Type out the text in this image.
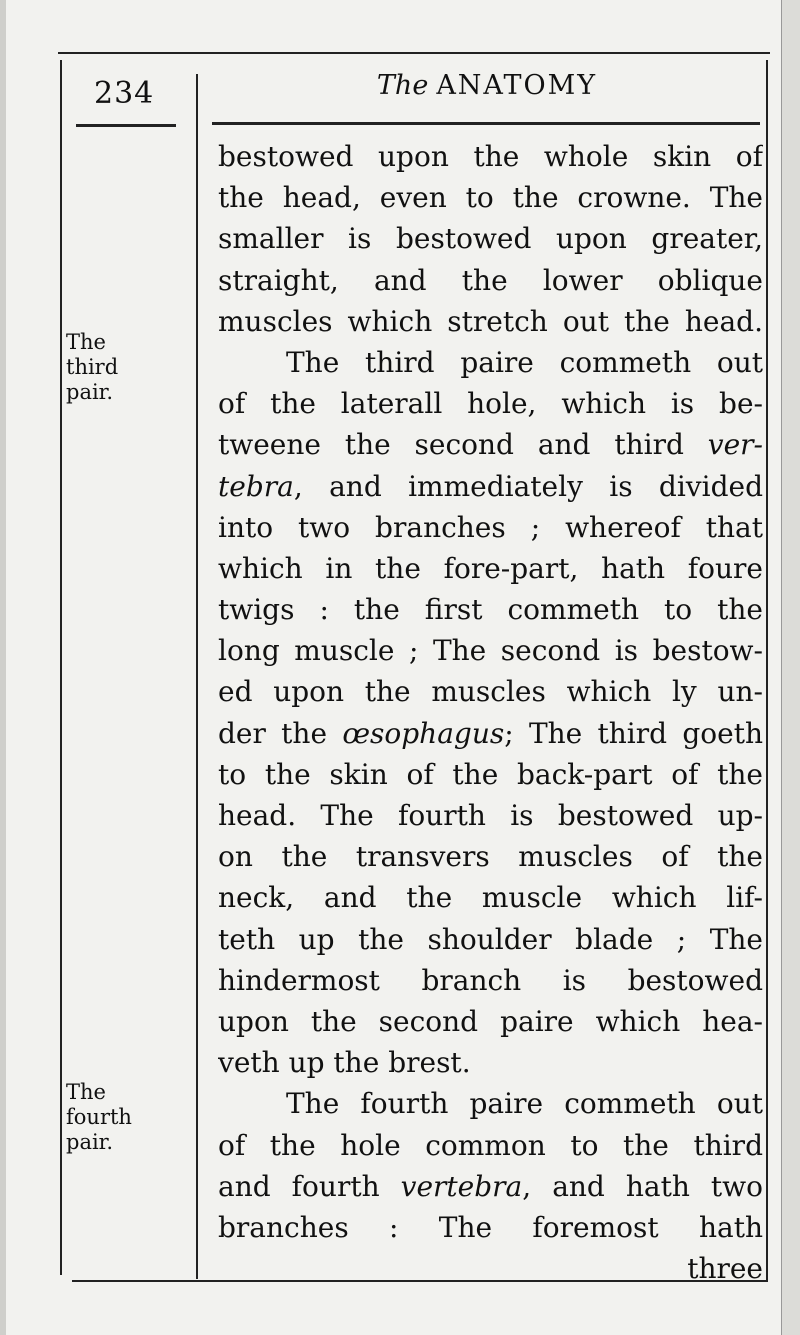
234	The ANATOMY
The
third
pair.
The
fourth
pair.
bestowed upon the whole skin of
the head, even to the crowne. The
smaller is bestowed upon greater,
straight, and the lower oblique
muscles which stretch out the head.
The third paire commeth out
of the laterall hole, which is be-
tweene the second and third ver-
tebra, and immediately is divided
into two branches ; whereof that
which in the fore-part, hath foure
twigs : the first commeth to the
long muscle ; The second is bestow-
ed upon the muscles which ly un-
der the œsophagus; The third goeth
to the skin of the back-part of the
head. The fourth is bestowed up-
on the transvers muscles of the
neck, and the muscle which lif-
teth up the shoulder blade ; The
hindermost branch is bestowed
upon the second paire which hea-
veth up the brest.
The fourth paire commeth out
of the hole common to the third
and fourth vertebra, and hath two
branches : The foremost hath
three
